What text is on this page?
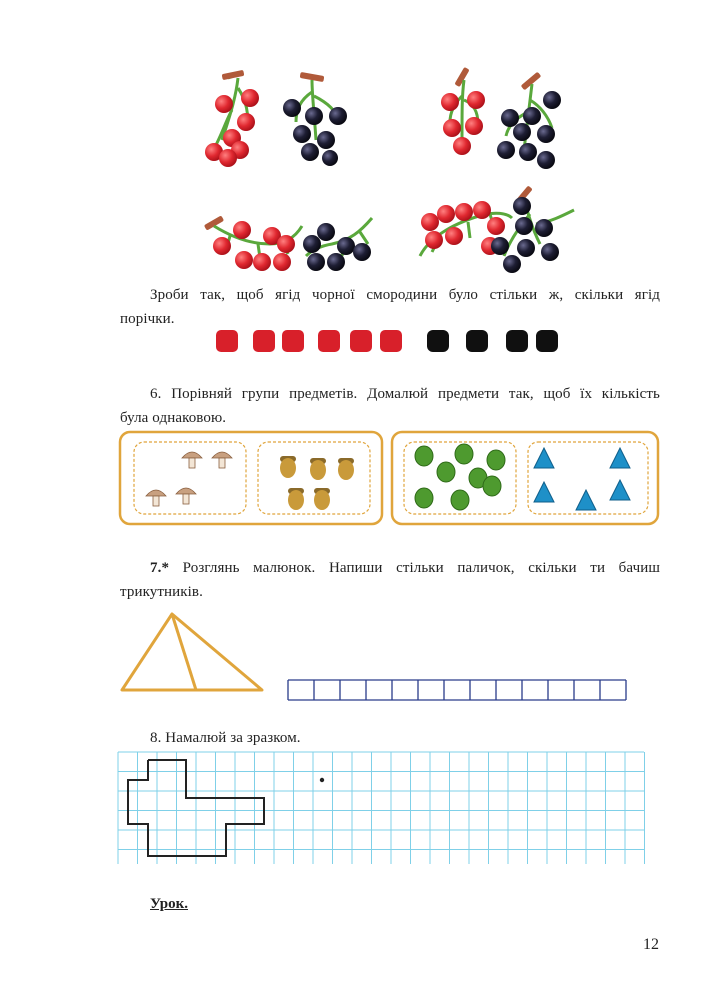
Зроби так, щоб ягід чорної смородини було стільки ж, скільки ягід
порічки.
6. Порівняй групи предметів. Домалюй предмети так, щоб їх кількість
була однаковою.
7.* Розглянь малюнок. Напиши стільки паличок, скільки ти бачиш
трикутників.
8. Намалюй за зразком.
Урок.
12
